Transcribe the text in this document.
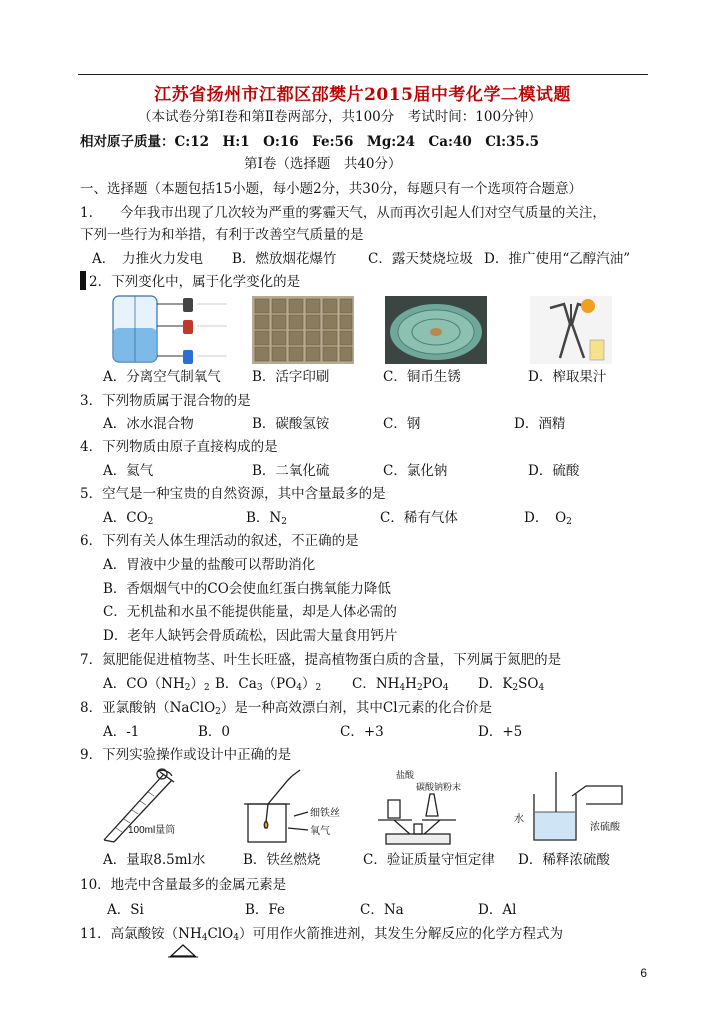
江苏省扬州市江都区邵樊片2015届中考化学二模试题
（本试卷分第Ⅰ卷和第Ⅱ卷两部分，共100分　考试时间：100分钟）
相对原子质量：C:12　H:1　O:16　Fe:56　Mg:24　Ca:40　Cl:35.5
第Ⅰ卷（选择题　共40分）
一、选择题（本题包括15小题，每小题2分，共30分，每题只有一个选项符合题意）
1.　　今年我市出现了几次较为严重的雾霾天气，从而再次引起人们对空气质量的关注，
下列一些行为和举措，有利于改善空气质量的是
A．　力推火力发电 B．燃放烟花爆竹 C．露天焚烧垃圾 D．推广使用“乙醇汽油”
2．下列变化中，属于化学变化的是
A．分离空气制氧气 B．活字印刷	C．铜币生锈	D．榨取果汁
3．下列物质属于混合物的是
A．冰水混合物	B．碳酸氢铵	C．钢	D．酒精
4．下列物质由原子直接构成的是
A．氦气	B．二氧化硫	C．氯化钠	D．硫酸
5．空气是一种宝贵的自然资源，其中含量最多的是
A．$CO_2$	B．$N_2$	C．稀有气体	D．　$O_2$
6．下列有关人体生理活动的叙述，不正确的是
A．胃液中少量的盐酸可以帮助消化
B．香烟烟气中的CO会使血红蛋白携氧能力降低
C．无机盐和水虽不能提供能量，却是人体必需的
D．老年人缺钙会骨质疏松，因此需大量食用钙片
7．氮肥能促进植物茎、叶生长旺盛，提高植物蛋白质的含量，下列属于氮肥的是
A．$CO(NH_2)_2$ B．$Ca_3(PO_4)_2$ C．$NH_4H_2PO_4$ D．$K_2SO_4$
8．亚氯酸钠（NaClO$_2$）是一种高效漂白剂，其中Cl元素的化合价是
A．-1	B．0	C．+3	D．+5
9．下列实验操作或设计中正确的是
100ml量筒
细铁丝
氧气
盐酸
碳酸钠粉末
水
浓硫酸
A．量取8.5ml水	B．铁丝燃烧	C．验证质量守恒定律 D．稀释浓硫酸
10．地壳中含量最多的金属元素是
A．Si	B．Fe	C．Na	D．Al
11．高氯酸铵$(NH_4ClO_4)$可用作火箭推进剂，其发生分解反应的化学方程式为
6
